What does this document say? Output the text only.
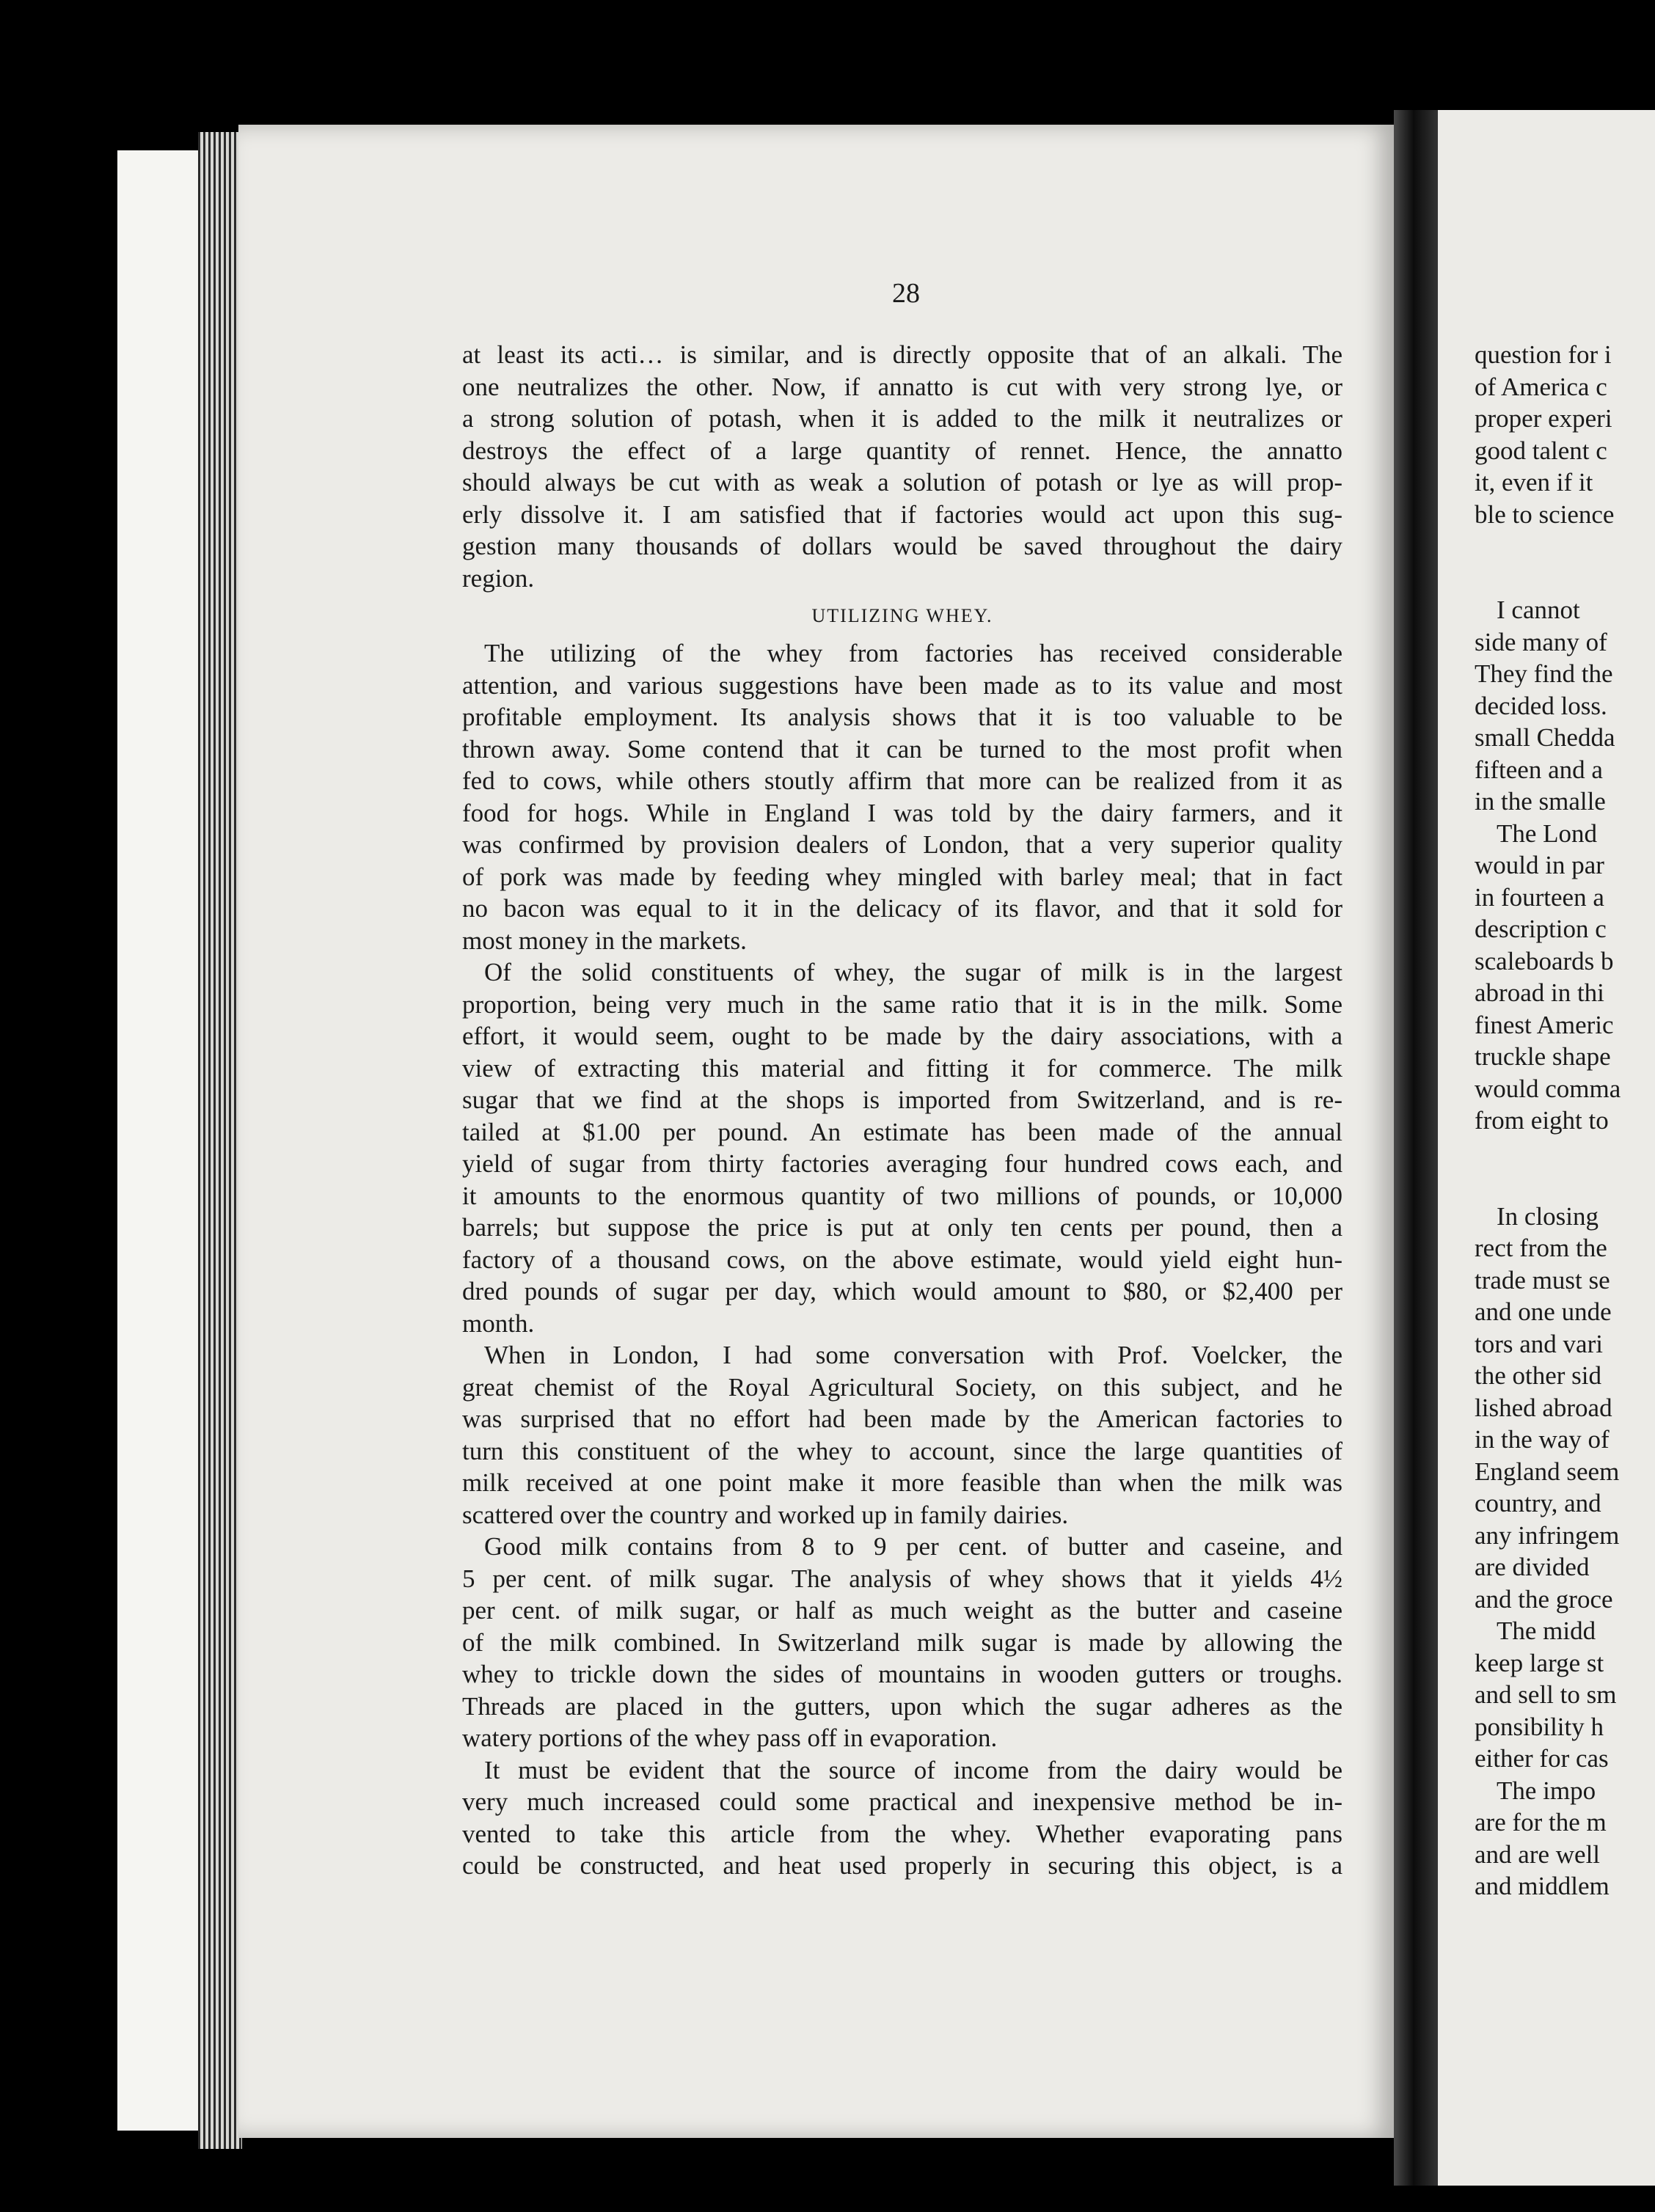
28

at least its acti… is similar, and is directly opposite that of an alkali. The

one neutralizes the other. Now, if annatto is cut with very strong lye, or

a strong solution of potash, when it is added to the milk it neutralizes or

destroys the effect of a large quantity of rennet. Hence, the annatto

should always be cut with as weak a solution of potash or lye as will prop-

erly dissolve it. I am satisfied that if factories would act upon this sug-

gestion many thousands of dollars would be saved throughout the dairy

region.

UTILIZING WHEY.

The utilizing of the whey from factories has received considerable

attention, and various suggestions have been made as to its value and most

profitable employment. Its analysis shows that it is too valuable to be

thrown away. Some contend that it can be turned to the most profit when

fed to cows, while others stoutly affirm that more can be realized from it as

food for hogs. While in England I was told by the dairy farmers, and it

was confirmed by provision dealers of London, that a very superior quality

of pork was made by feeding whey mingled with barley meal; that in fact

no bacon was equal to it in the delicacy of its flavor, and that it sold for

most money in the markets.

Of the solid constituents of whey, the sugar of milk is in the largest

proportion, being very much in the same ratio that it is in the milk. Some

effort, it would seem, ought to be made by the dairy associations, with a

view of extracting this material and fitting it for commerce. The milk

sugar that we find at the shops is imported from Switzerland, and is re-

tailed at $1.00 per pound. An estimate has been made of the annual

yield of sugar from thirty factories averaging four hundred cows each, and

it amounts to the enormous quantity of two millions of pounds, or 10,000

barrels; but suppose the price is put at only ten cents per pound, then a

factory of a thousand cows, on the above estimate, would yield eight hun-

dred pounds of sugar per day, which would amount to $80, or $2,400 per

month.

When in London, I had some conversation with Prof. Voelcker, the

great chemist of the Royal Agricultural Society, on this subject, and he

was surprised that no effort had been made by the American factories to

turn this constituent of the whey to account, since the large quantities of

milk received at one point make it more feasible than when the milk was

scattered over the country and worked up in family dairies.

Good milk contains from 8 to 9 per cent. of butter and caseine, and

5 per cent. of milk sugar. The analysis of whey shows that it yields 4½

per cent. of milk sugar, or half as much weight as the butter and caseine

of the milk combined. In Switzerland milk sugar is made by allowing the

whey to trickle down the sides of mountains in wooden gutters or troughs.

Threads are placed in the gutters, upon which the sugar adheres as the

watery portions of the whey pass off in evaporation.

It must be evident that the source of income from the dairy would be

very much increased could some practical and inexpensive method be in-

vented to take this article from the whey. Whether evaporating pans

could be constructed, and heat used properly in securing this object, is a

question for i

of America c

proper experi

good talent c

it, even if it

ble to science

I cannot

side many of

They find the

decided loss.

small Chedda

fifteen and a

in the smalle

The Lond

would in par

in fourteen a

description c

scaleboards b

abroad in thi

finest Americ

truckle shape

would comma

from eight to

In closing

rect from the

trade must se

and one unde

tors and vari

the other sid

lished abroad

in the way of

England seem

country, and

any infringem

are divided

and the groce

The midd

keep large st

and sell to sm

ponsibility h

either for cas

The impo

are for the m

and are well

and middlem
